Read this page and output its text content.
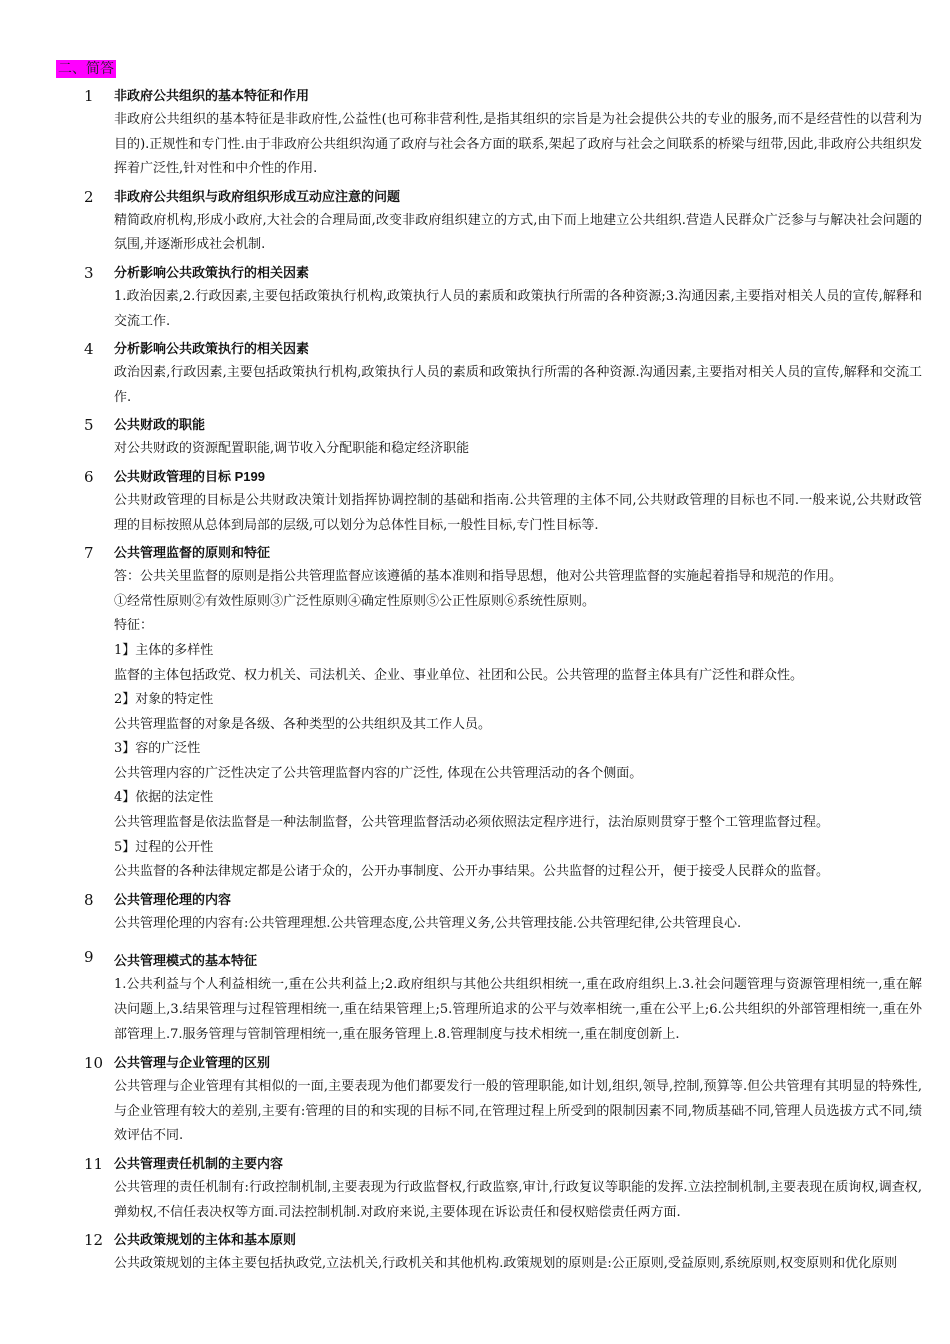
二、简答
1	非政府公共组织的基本特征和作用
非政府公共组织的基本特征是非政府性,公益性(也可称非营利性,是指其组织的宗旨是为社会提供公共的专业的服务,而不是经营性的以营利为目的).正规性和专门性.由于非政府公共组织沟通了政府与社会各方面的联系,架起了政府与社会之间联系的桥梁与纽带,因此,非政府公共组织发挥着广泛性,针对性和中介性的作用.
2	非政府公共组织与政府组织形成互动应注意的问题
精简政府机构,形成小政府,大社会的合理局面,改变非政府组织建立的方式,由下而上地建立公共组织.营造人民群众广泛参与与解决社会问题的氛围,并逐渐形成社会机制.
3	分析影响公共政策执行的相关因素
1.政治因素,2.行政因素,主要包括政策执行机构,政策执行人员的素质和政策执行所需的各种资源;3.沟通因素,主要指对相关人员的宣传,解释和交流工作.
4	分析影响公共政策执行的相关因素
政治因素,行政因素,主要包括政策执行机构,政策执行人员的素质和政策执行所需的各种资源.沟通因素,主要指对相关人员的宣传,解释和交流工作.
5	公共财政的职能
对公共财政的资源配置职能,调节收入分配职能和稳定经济职能
6	公共财政管理的目标 P199
公共财政管理的目标是公共财政决策计划指挥协调控制的基础和指南.公共管理的主体不同,公共财政管理的目标也不同.一般来说,公共财政管理的目标按照从总体到局部的层级,可以划分为总体性目标,一般性目标,专门性目标等.
7	公共管理监督的原则和特征
答：公共关里监督的原则是指公共管理监督应该遵循的基本准则和指导思想，他对公共管理监督的实施起着指导和规范的作用。
①经常性原则②有效性原则③广泛性原则④确定性原则⑤公正性原则⑥系统性原则。
特征：
1】主体的多样性
监督的主体包括政党、权力机关、司法机关、企业、事业单位、社团和公民。公共管理的监督主体具有广泛性和群众性。
2】对象的特定性
公共管理监督的对象是各级、各种类型的公共组织及其工作人员。
3】容的广泛性
公共管理内容的广泛性决定了公共管理监督内容的广泛性, 体现在公共管理活动的各个侧面。
4】依据的法定性
公共管理监督是依法监督是一种法制监督，公共管理监督活动必须依照法定程序进行，法治原则贯穿于整个工管理监督过程。
5】过程的公开性
公共监督的各种法律规定都是公诸于众的，公开办事制度、公开办事结果。公共监督的过程公开，便于接受人民群众的监督。
8	公共管理伦理的内容
公共管理伦理的内容有:公共管理理想.公共管理态度,公共管理义务,公共管理技能.公共管理纪律,公共管理良心.
9	公共管理模式的基本特征
1.公共利益与个人利益相统一,重在公共利益上;2.政府组织与其他公共组织相统一,重在政府组织上.3.社会问题管理与资源管理相统一,重在解决问题上,3.结果管理与过程管理相统一,重在结果管理上;5.管理所追求的公平与效率相统一,重在公平上;6.公共组织的外部管理相统一,重在外部管理上.7.服务管理与管制管理相统一,重在服务管理上.8.管理制度与技术相统一,重在制度创新上.
10 公共管理与企业管理的区别
公共管理与企业管理有其相似的一面,主要表现为他们都要发行一般的管理职能,如计划,组织,领导,控制,预算等.但公共管理有其明显的特殊性,与企业管理有较大的差别,主要有:管理的目的和实现的目标不同,在管理过程上所受到的限制因素不同,物质基础不同,管理人员选拔方式不同,绩效评估不同.
11 公共管理责任机制的主要内容
公共管理的责任机制有:行政控制机制,主要表现为行政监督权,行政监察,审计,行政复议等职能的发挥.立法控制机制,主要表现在质询权,调查权,弹劾权,不信任表决权等方面.司法控制机制.对政府来说,主要体现在诉讼责任和侵权赔偿责任两方面.
12 公共政策规划的主体和基本原则
公共政策规划的主体主要包括执政党,立法机关,行政机关和其他机构.政策规划的原则是:公正原则,受益原则,系统原则,权变原则和优化原则
